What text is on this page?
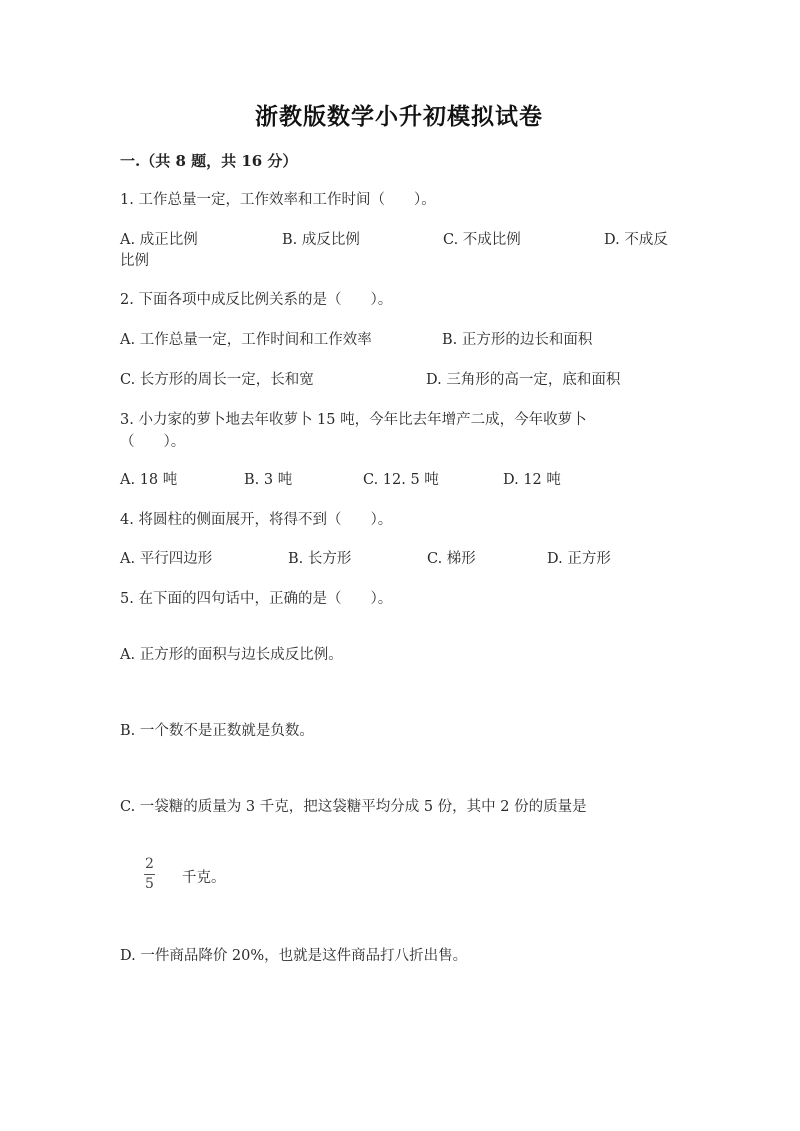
浙教版数学小升初模拟试卷
一.（共 8 题，共 16 分）
1. 工作总量一定，工作效率和工作时间（　　）。
A. 成正比例	B. 成反比例	C. 不成比例	D. 不成反
比例
2. 下面各项中成反比例关系的是（　　）。
A. 工作总量一定，工作时间和工作效率	B. 正方形的边长和面积
C. 长方形的周长一定，长和宽	D. 三角形的高一定，底和面积
3. 小力家的萝卜地去年收萝卜 15 吨，今年比去年增产二成，今年收萝卜
（　　）。
A. 18 吨	B. 3 吨	C. 12. 5 吨	D. 12 吨
4. 将圆柱的侧面展开，将得不到（　　）。
A. 平行四边形	B. 长方形	C. 梯形	D. 正方形
5. 在下面的四句话中，正确的是（　　）。
A. 正方形的面积与边长成反比例。
B. 一个数不是正数就是负数。
C. 一袋糖的质量为 3 千克，把这袋糖平均分成 5 份，其中 2 份的质量是
2
5 千克。
D. 一件商品降价 20%，也就是这件商品打八折出售。
